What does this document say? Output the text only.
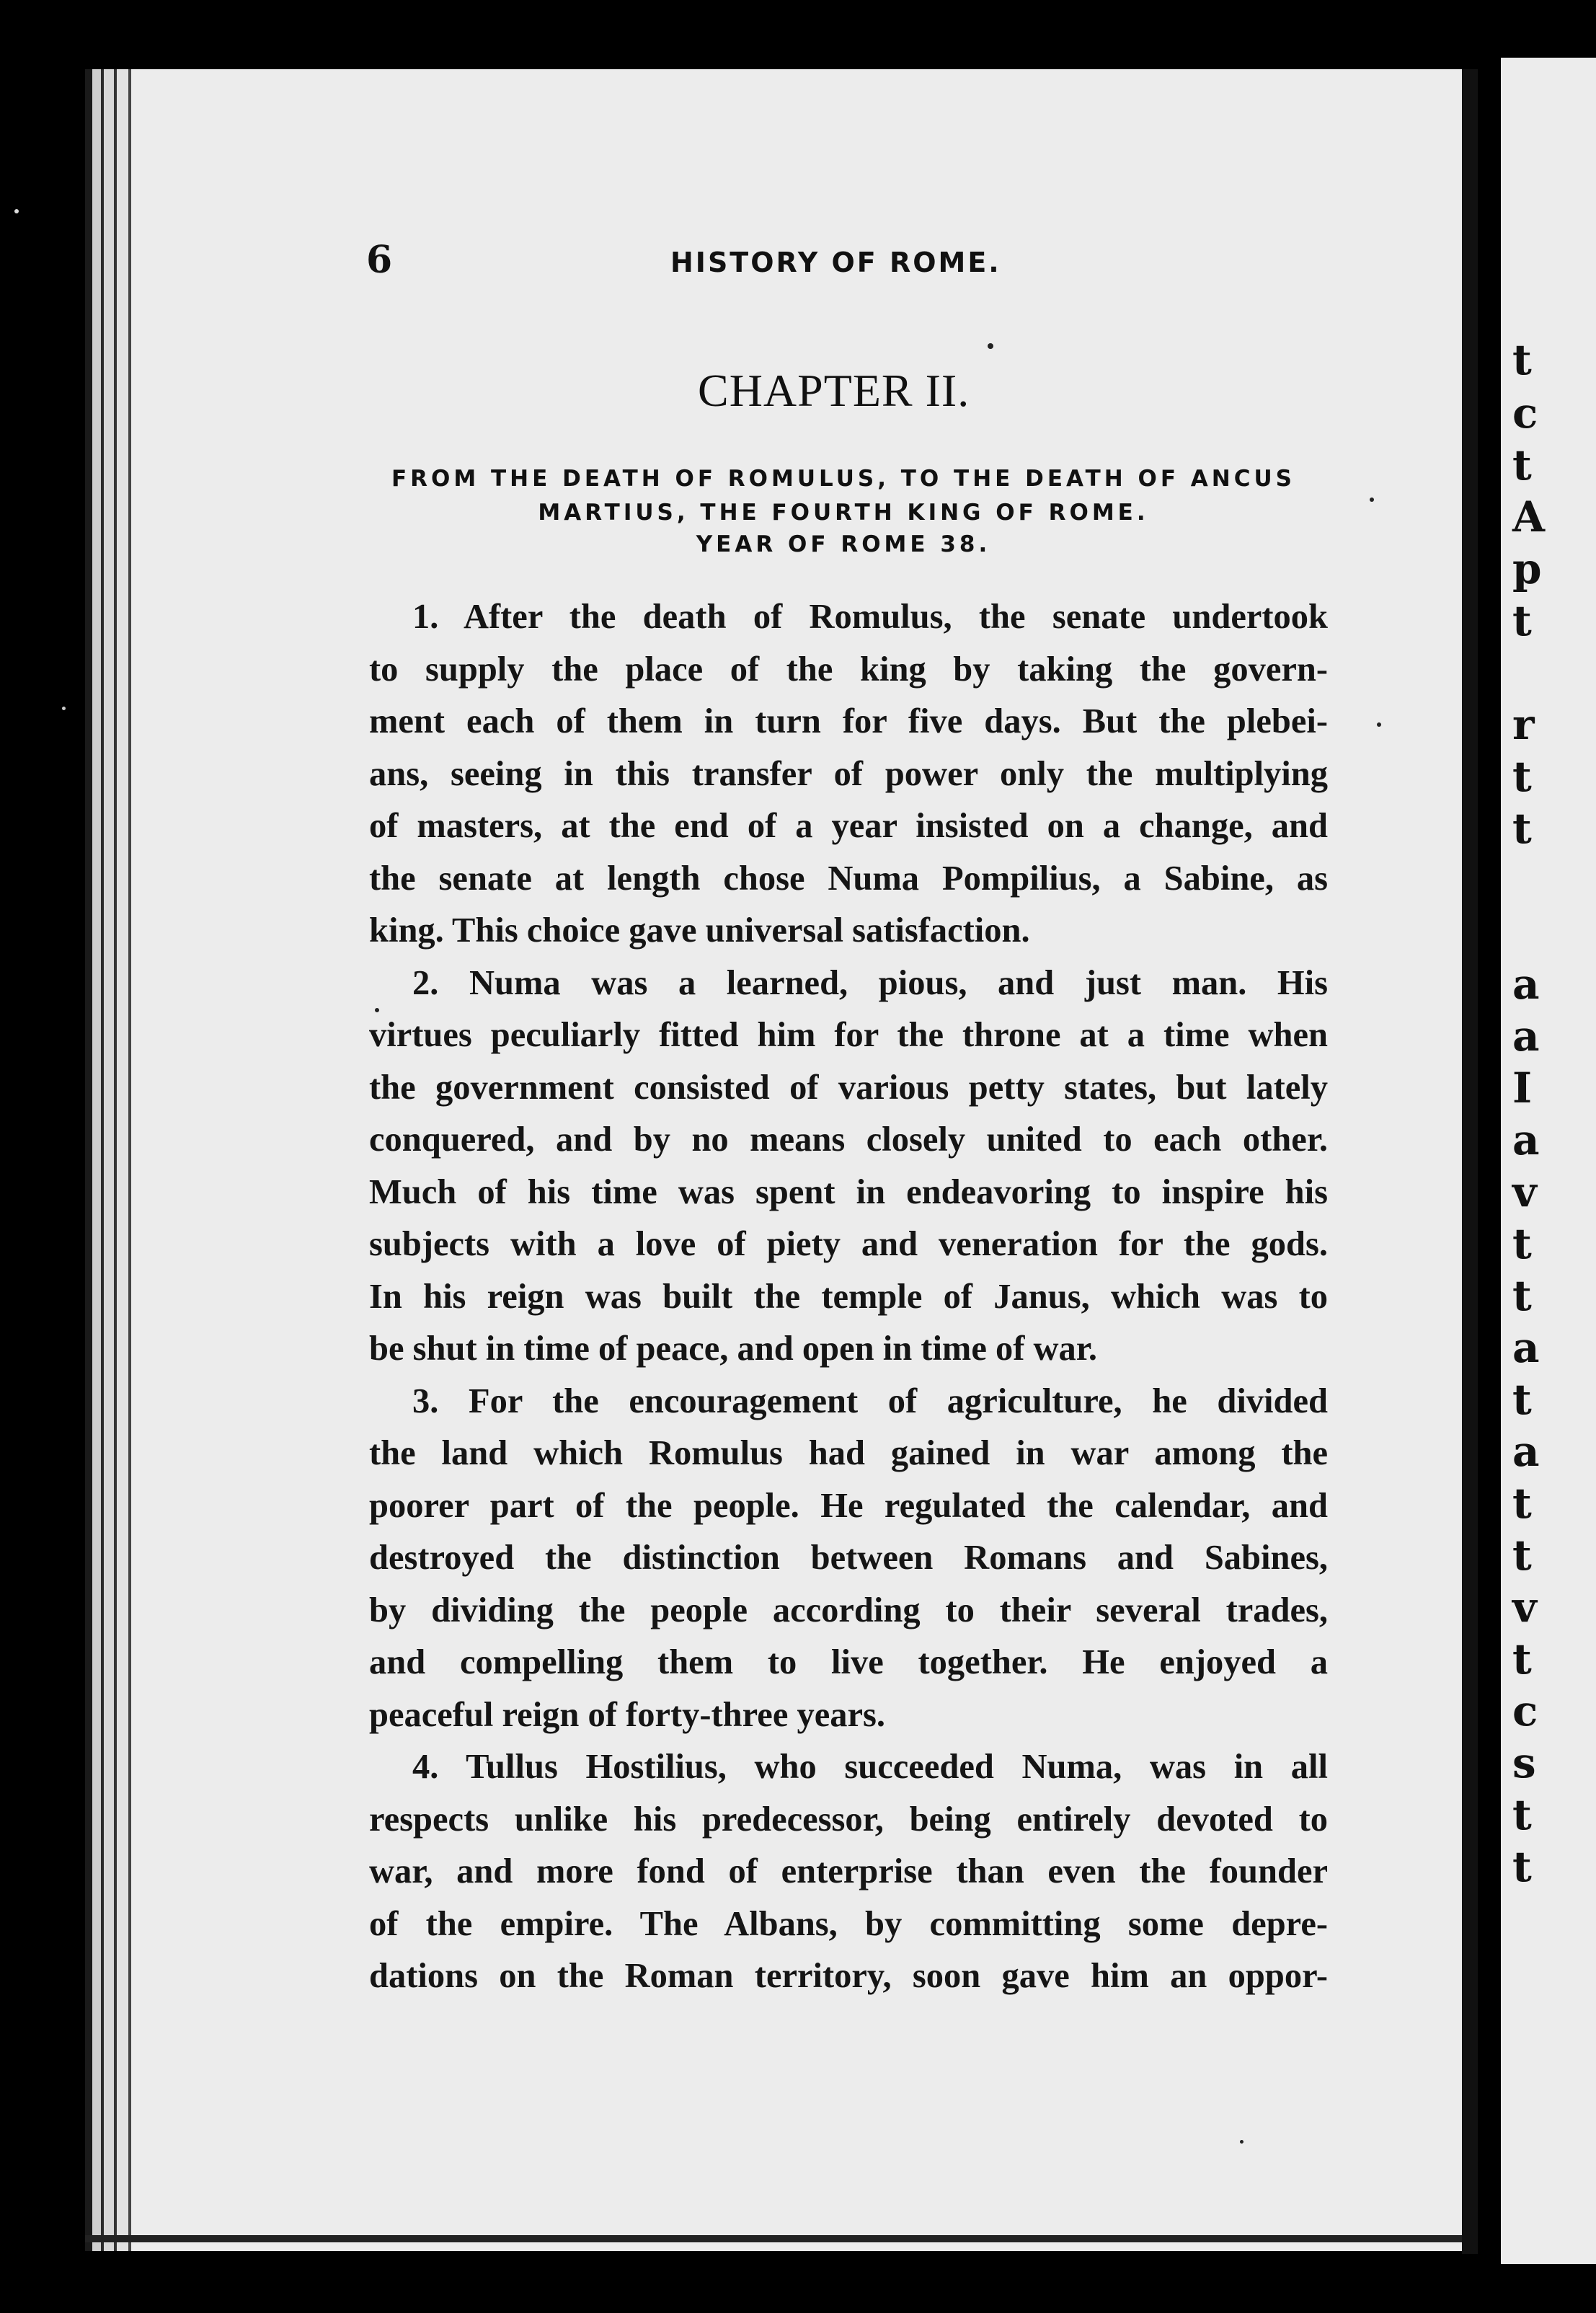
t
c
t
A
p
t
r
t
t
a
a
I
a
v
t
t
a
t
a
t
t
v
t
c
s
t
t
6	HISTORY OF ROME.
CHAPTER II.
FROM THE DEATH OF ROMULUS, TO THE DEATH OF ANCUS
MARTIUS, THE FOURTH KING OF ROME.
YEAR OF ROME 38.
1. After the death of Romulus, the senate undertook
to supply the place of the king by taking the govern-
ment each of them in turn for five days. But the plebei-
ans, seeing in this transfer of power only the multiplying
of masters, at the end of a year insisted on a change, and
the senate at length chose Numa Pompilius, a Sabine, as
king. This choice gave universal satisfaction.
2. Numa was a learned, pious, and just man. His
virtues peculiarly fitted him for the throne at a time when
the government consisted of various petty states, but lately
conquered, and by no means closely united to each other.
Much of his time was spent in endeavoring to inspire his
subjects with a love of piety and veneration for the gods.
In his reign was built the temple of Janus, which was to
be shut in time of peace, and open in time of war.
3. For the encouragement of agriculture, he divided
the land which Romulus had gained in war among the
poorer part of the people. He regulated the calendar, and
destroyed the distinction between Romans and Sabines,
by dividing the people according to their several trades,
and compelling them to live together. He enjoyed a
peaceful reign of forty-three years.
4. Tullus Hostilius, who succeeded Numa, was in all
respects unlike his predecessor, being entirely devoted to
war, and more fond of enterprise than even the founder
of the empire. The Albans, by committing some depre-
dations on the Roman territory, soon gave him an oppor-
